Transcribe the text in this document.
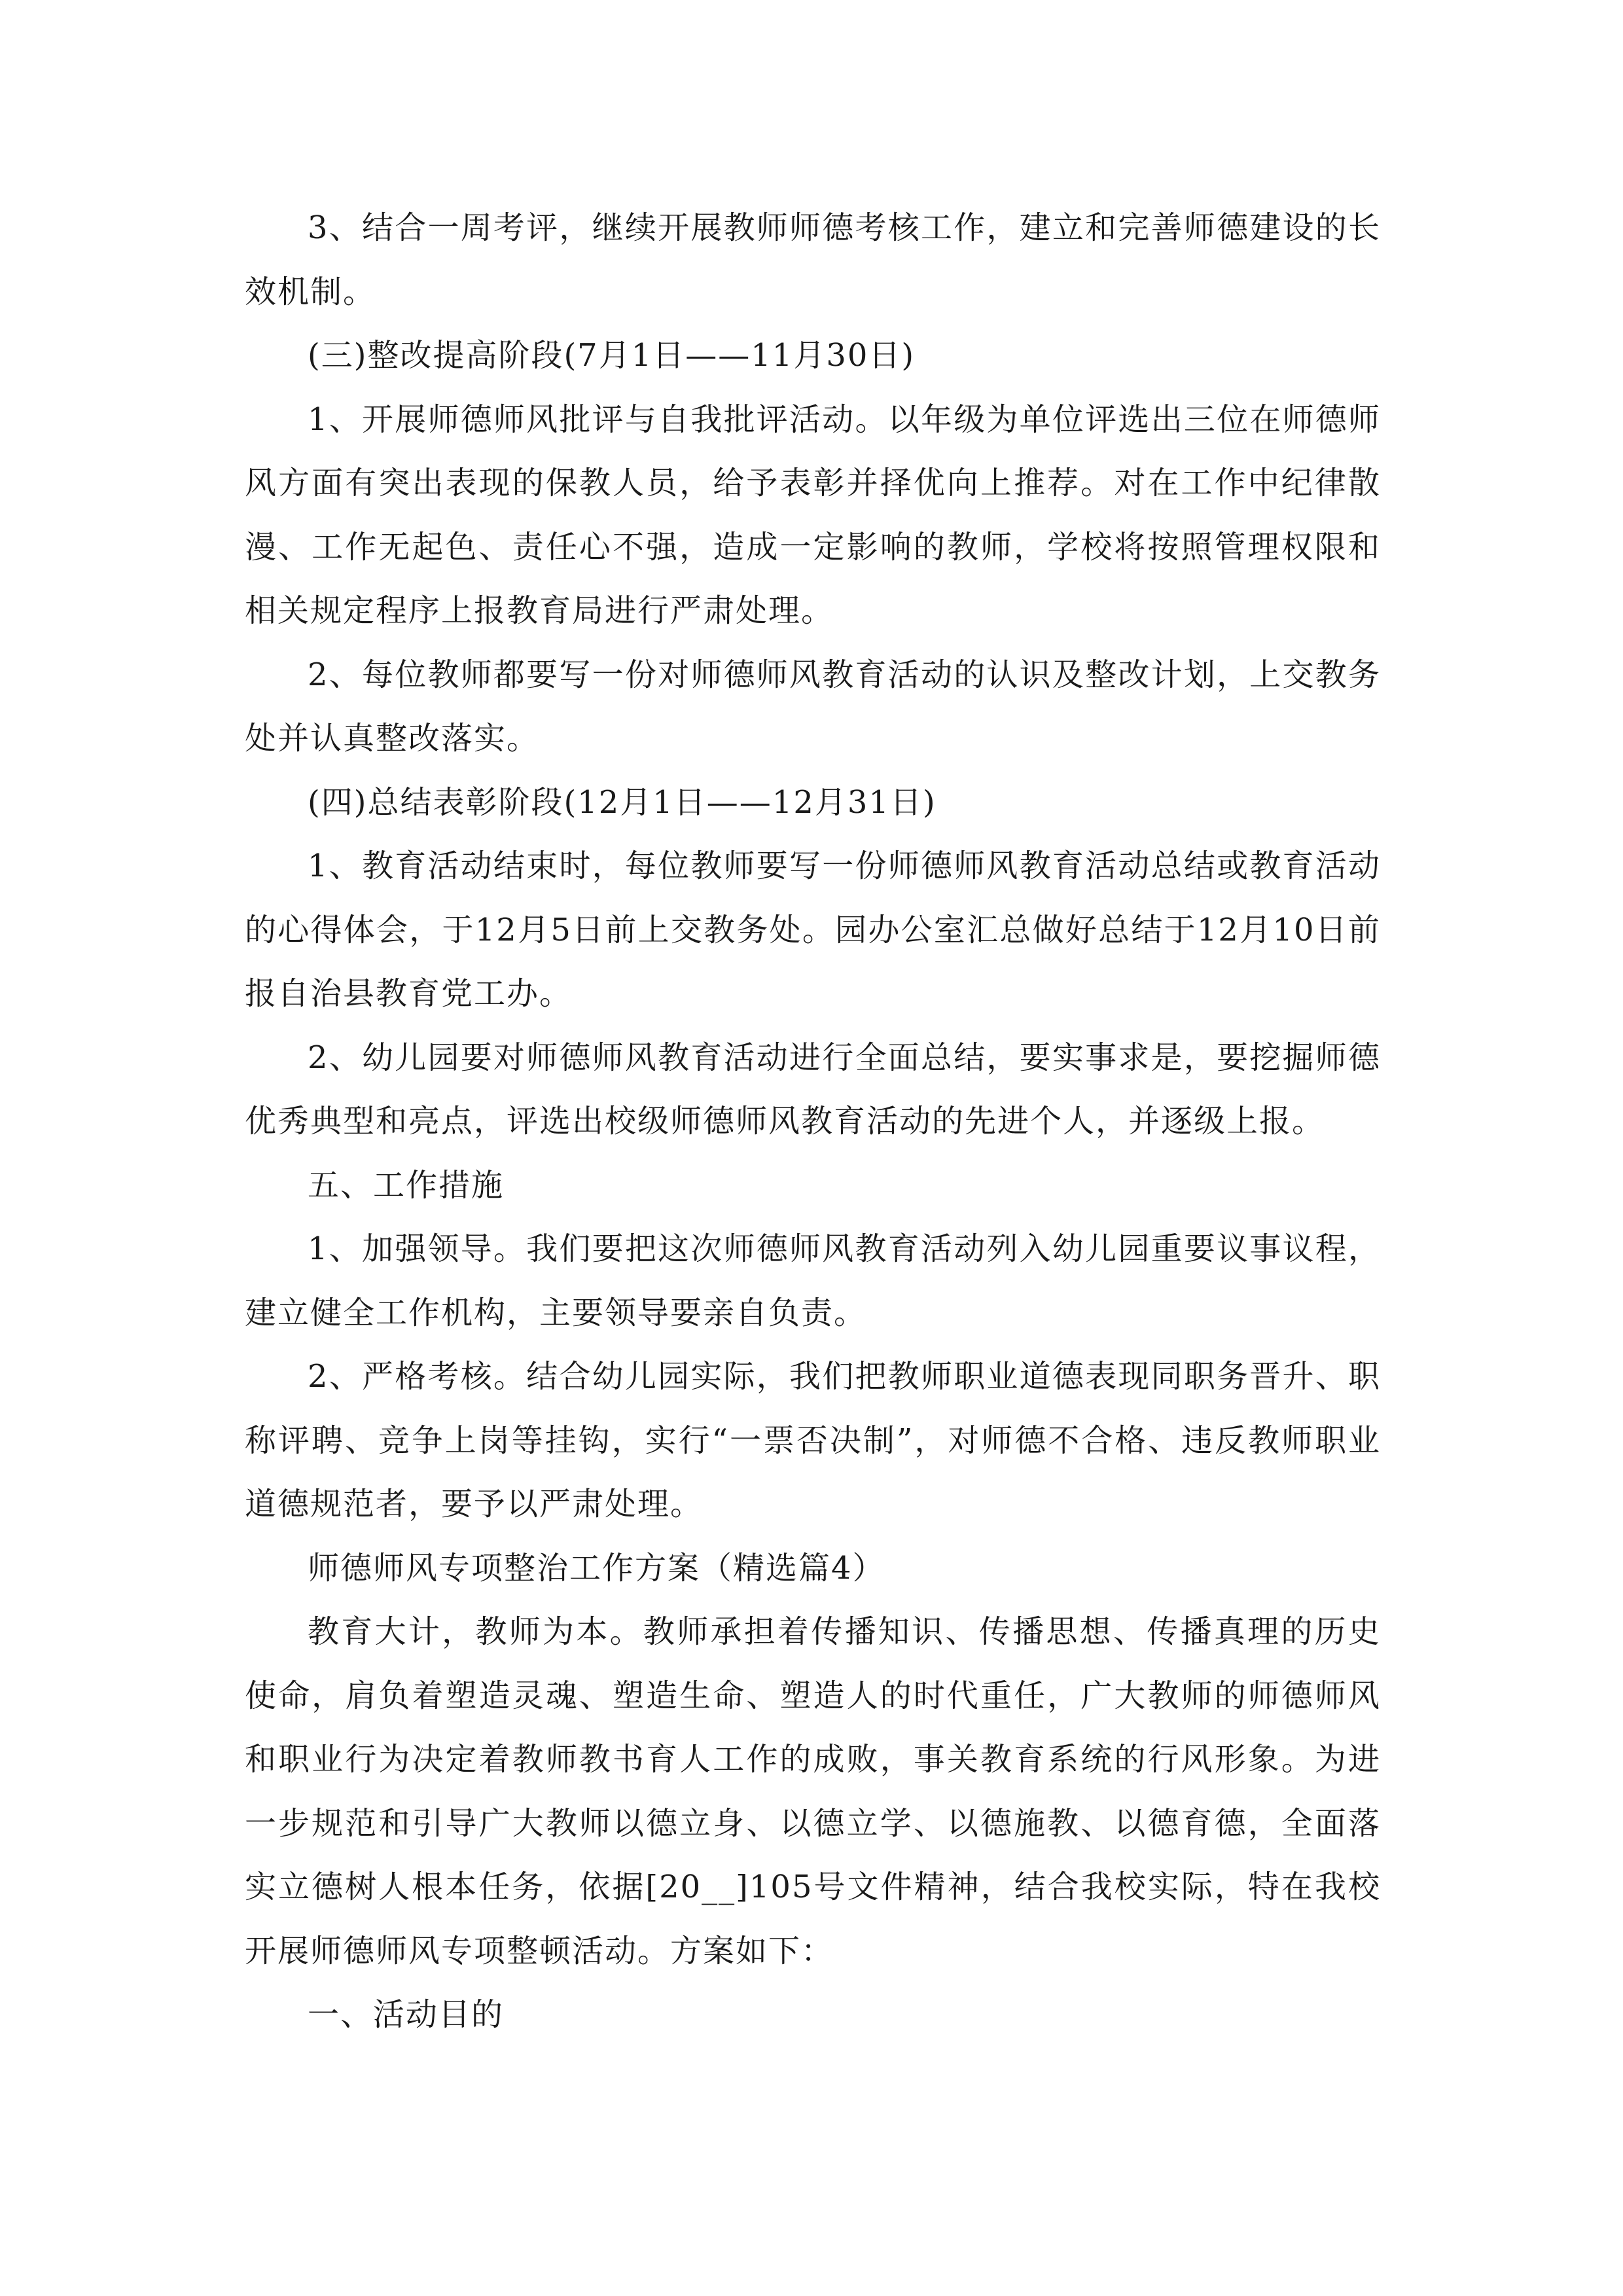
3、结合一周考评，继续开展教师师德考核工作，建立和完善师德建设的长效机制。

(三)整改提高阶段(7月1日——11月30日)

1、开展师德师风批评与自我批评活动。以年级为单位评选出三位在师德师风方面有突出表现的保教人员，给予表彰并择优向上推荐。对在工作中纪律散漫、工作无起色、责任心不强，造成一定影响的教师，学校将按照管理权限和相关规定程序上报教育局进行严肃处理。

2、每位教师都要写一份对师德师风教育活动的认识及整改计划，上交教务处并认真整改落实。

(四)总结表彰阶段(12月1日——12月31日)

1、教育活动结束时，每位教师要写一份师德师风教育活动总结或教育活动的心得体会，于12月5日前上交教务处。园办公室汇总做好总结于12月10日前报自治县教育党工办。

2、幼儿园要对师德师风教育活动进行全面总结，要实事求是，要挖掘师德优秀典型和亮点，评选出校级师德师风教育活动的先进个人，并逐级上报。

五、工作措施

1、加强领导。我们要把这次师德师风教育活动列入幼儿园重要议事议程，建立健全工作机构，主要领导要亲自负责。

2、严格考核。结合幼儿园实际，我们把教师职业道德表现同职务晋升、职称评聘、竞争上岗等挂钩，实行“一票否决制”，对师德不合格、违反教师职业道德规范者，要予以严肃处理。

师德师风专项整治工作方案（精选篇4）

教育大计，教师为本。教师承担着传播知识、传播思想、传播真理的历史使命，肩负着塑造灵魂、塑造生命、塑造人的时代重任，广大教师的师德师风和职业行为决定着教师教书育人工作的成败，事关教育系统的行风形象。为进一步规范和引导广大教师以德立身、以德立学、以德施教、以德育德，全面落实立德树人根本任务，依据[20__]105号文件精神，结合我校实际，特在我校开展师德师风专项整顿活动。方案如下：

一、活动目的
